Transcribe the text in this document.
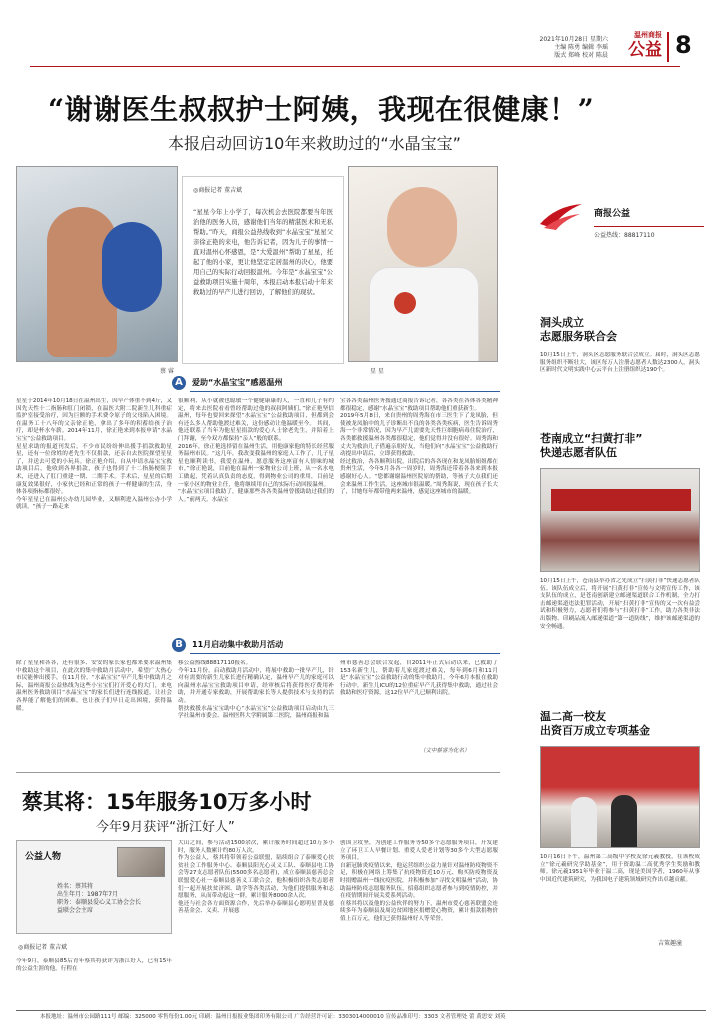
2021年10月28日 星期六
主编 陈勇 编辑 李瑶
版式 郑峰 校对 陈晨
温州商报
公益 8
“谢谢医生叔叔护士阿姨，我现在很健康！”
本报启动回访10年来救助过的“水晶宝宝”
蔡 睿
◎商报记者 董吉斌
“星星今年上小学了，每次机会去医院都要当年医治他的医务人员，感谢他们当年的精湛医术和无私帮助。”昨天，商报公益热线收到“水晶宝宝”星星父亲徐正艳的来电，他告诉记者，因为儿子的事情一直对温州心怀感恩，是“大爱温州”帮助了星星，托起了他的小家，更让他坚定定居温州的决心，他要用自己的实际行动回报温州。今年是“水晶宝宝”公益救助项目实施十周年，本报启动本报启动十年来救助过的早产儿进行回访，了解他们的现状。
星 星
A	爱助“水晶宝宝”感恩温州
星星于2014年10月18日在温州出生，因早产体重不到4斤，又因先天性十二指肠和肛门闭锁，在温医大附二院新生儿科重症监护室接受治疗，因为巨额的手术费令原子的父母陷入困境。在温务工十八年的父亲徐正艳，拿出了多年的积蓄给孩子治疗，却是杯水车薪。2014年11月，徐正艳来到本报申请“水晶宝宝”公益救助项目。
星星求助的报道刊发后，不少市民纷纷伸出援手捐款救助星星，还有一位徐姓的老先生不仅捐款，还亲自去医院探望星星了，并送去可爱的小玩具。徐正艳介绍，自从申请水晶宝宝救助项目后，他收到各界捐款，孩子也得到了十二指肠梗阻手术，还进入了肛门重建一期、二期手术。手术后，星星的后期康复效果很好，小家伙已经和正常的孩子一样健康的生活，身体各项指标都很好。
今年星星已在温州公办幼儿园毕业，又顺利进入温州公办小学就读。“孩子一路走来
很顺利，从小就被也聪敏一个健健康康的人，一直和儿子有约定，将来去医院看看曾经帮助过他的叔叔阿姨们。”徐正艳坚信温州，每年也要回来探望“水晶宝宝”公益救助项目，但都到会有还么多人帮助他渡过难关，这份感动让他温暖至今。 其间，他还联系了当年为他星星捐款的爱心人士徐老先生，并陪着上门拜谢，至今双方都保持“亲人”般的联系。
2016年，徐正艳选择留在温州生活，用他康家他的特长经营服务温州市民。“这几年，我改变我温州的家庭人工作了，儿子星星也顺利读书，我爱在温州，愿意服务这座富有人情味的城市。”徐正艳说，目前他在温州一家物业公司上班，从一名水电工做起，凭着认真负责的态度，得到物业公司的重用，目前是一家小区的物业主任，他将继续用自己的实际行动回报温州。
“水晶宝宝项目救助了，健康那些各各类温州曾援助助过我们的人。”前两天，水晶宝
宝各各类温州医务援通过商报告诉记者，各各类在各体各类精神都很稳定，感谢“水晶宝宝”救助项目帮助他们重获新生。
2019年5月8日，来自贵州的周秀海在市三医生下了龙凤胎，但使被龙凤胎中的儿子诊断出不良的各类各类疾病，医生告诉周秀海一个非常情况，因为早产儿需要先天性巨细胞病毒住院治疗，各类都救援温州各类都很稳定，他们觉得并没有很好。周秀海和丈夫为救治儿子借遍亲朋好友，当他们向“水晶宝宝”公益救助行动提出申请后，立即获得救助。
经过救治，各各顺利出院，出院后的各各现在和龙凤胎姐姐都在贵州生活，今年5月各各一周岁时，周秀海还带着各各来到本报感谢好心人。“您都谢谢温州医院原的帮助，等孩子大点我们还会来温州工作生活，这座城市很温暖。”周秀海说，现在孩子长大了，甘她每年都带他两来温州，感觉这座城市的温暖。
B	11月启动集中救助月活动
除了星星和各各，还有很多、安安的家长家也都来要求温州集中救助这个项目，在此次的集中救助月活动中，希望广大热心市民能伸出援手，在11月份，“水晶宝宝”早产儿集中救助月之际，温州商报公益热线为这些小宝宝们打开爱心的大门，来电温州医务救助项目“水晶宝宝”的家长们进行连线报道，让社会各界能了解他们的困难，也让孩子们早日走出困境，获得温暖。
移公益热线88817110报名。
今年11月份，启动救助月活动中，将展中救助一批早产儿，针对有需要的新生儿家长进行精确认定，温州早产儿的家庭可以向温州水晶宝宝救助项目申请，经审核后将获得医疗费用补助，并开通专家救助，开展帮助家长等人提供技术与支持的活动。
帮扶救援水晶宝宝助中心“水晶宝宝”公益救助项目启动由九三学社温州市委会、温州医科大学附属第二医院，温州商报和温
州市慈善总会联合发起，自2011年正式启动以来，已救助了153名新生儿，帮助着儿家庭渡过难关，每年到6月和11月是“水晶宝宝”公益救助行动的集中救助月，今年6月本报在救助行动中，新生儿ICU的12位重症早产儿获得集中救助，通过社会救助和医疗资源，这12位早产儿已顺利出院。
（文中蔡睿为化名）
蔡其将：15年服务10万多小时
今年9月获评“浙江好人”
公益人物
姓名：蔡其将
出生年月：1987年7月
职务：泰顺县爱心义工协会会长
益联会会主席
◎商报记者 董吉斌
今年9月，泰顺县85后青年蔡其将获评为浙江好人，已有15年的公益生涯的他，行程在
大山之间，参与活动1500余次，累计服务时间超过10万多小时，服务人数累计约80万人次。
作为公益人，蔡其将带领着公益联盟，陆续组合了泰顺爱心扶贫社会工作服务中心、泰顺县阳光心灵义工队、泰顺县电工协会等27支志愿者队伍(5500多名志愿者)，成立泰顺县慈善总会联盟爱心社一泰顺县慈善义工联合会，他积极组织各类志愿者们一起开展扶贫济困、助学等各类活动，为他们提供服务和志愿服务，从而带动起这一群，累计服务8000余人次。
他还与社会各方面资源合作，先后举办泰顺县心愿明星普及慈善基金会、义卖、开展慈
创国卫攻坚，为创建工作服务等50多个志愿服务项目，开发建立了环卫工人早餐计划、重爱人爱老计划等30多个大型志愿服务项目。
自新冠肺炎疫情以来，他运营组织公益力量针对温州防疫物资不足，积极在网络上筹集了抗疫物资近10万元、购买防疫物资及时捐赠温州一线抗疫医院，并积极参加“寻找文明温州”活动，协助温州防疫志愿服务队伍，招募组织志愿者参与到疫情防控，并在疫情期间开展关爱系列活动。
在蔡其将以及他的公益伙伴的努力下，温州市爱心慈善联盟会连续多年为泰顺县及周边贫困地区捐赠爱心物资，累计捐款捐物价值上百万元，他们已获得温州好人等荣誉。
商报公益
公益热线：88817110
洞头成立
志愿服务联合会
10月15日上午，洞头区志愿服务联合会成立。届时，洞头区志愿服务组织不断壮大，该区每万人注册志愿者人数达2300人，洞头区新时代文明实践中心云平台上注册组织达190个。
苍南成立“扫黄打非”
快递志愿者队伍
10月15日上午，苍南县举办省之先成立“扫黄打非”快递志愿者队伍。该队伍成立后，将开展“扫黄打非”宣传与文明宣传工作，该支队伍的成立，是苍南创新建立邮递渠道联合工作机制，全力打击邮递渠道违法犯罪活动，开展“扫黄打非”宣传的又一次有益尝试和积极努力，志愿者们将参与“扫黄打非”工作，助力各类非法出版物、印刷品流入邮递渠道“第一道防线”，维护该邮递渠道的安全畅通。
温二高一校友
出资百万成立专项基金
10月16日下午，温州第二高级中学校友徐元羲教授，在该校成立“徐元羲研究学助基金”，用于资助温二高优秀学生奖励和教师。徐元羲1951年毕业于温二高，现是美国学者，1960年从事中国近代建筑研究，为我国电子建筑领域研究作出卓越贡献。
吉策趣潼
本报地址：温州市公园路111号 邮编：325000 零售每份1.00元 印刷：温州日报报业集团印务有限公司 广告经营许可证：3303014000010 宣传品准印号：3303 文者管理处 蕾 黄思安 刘英
